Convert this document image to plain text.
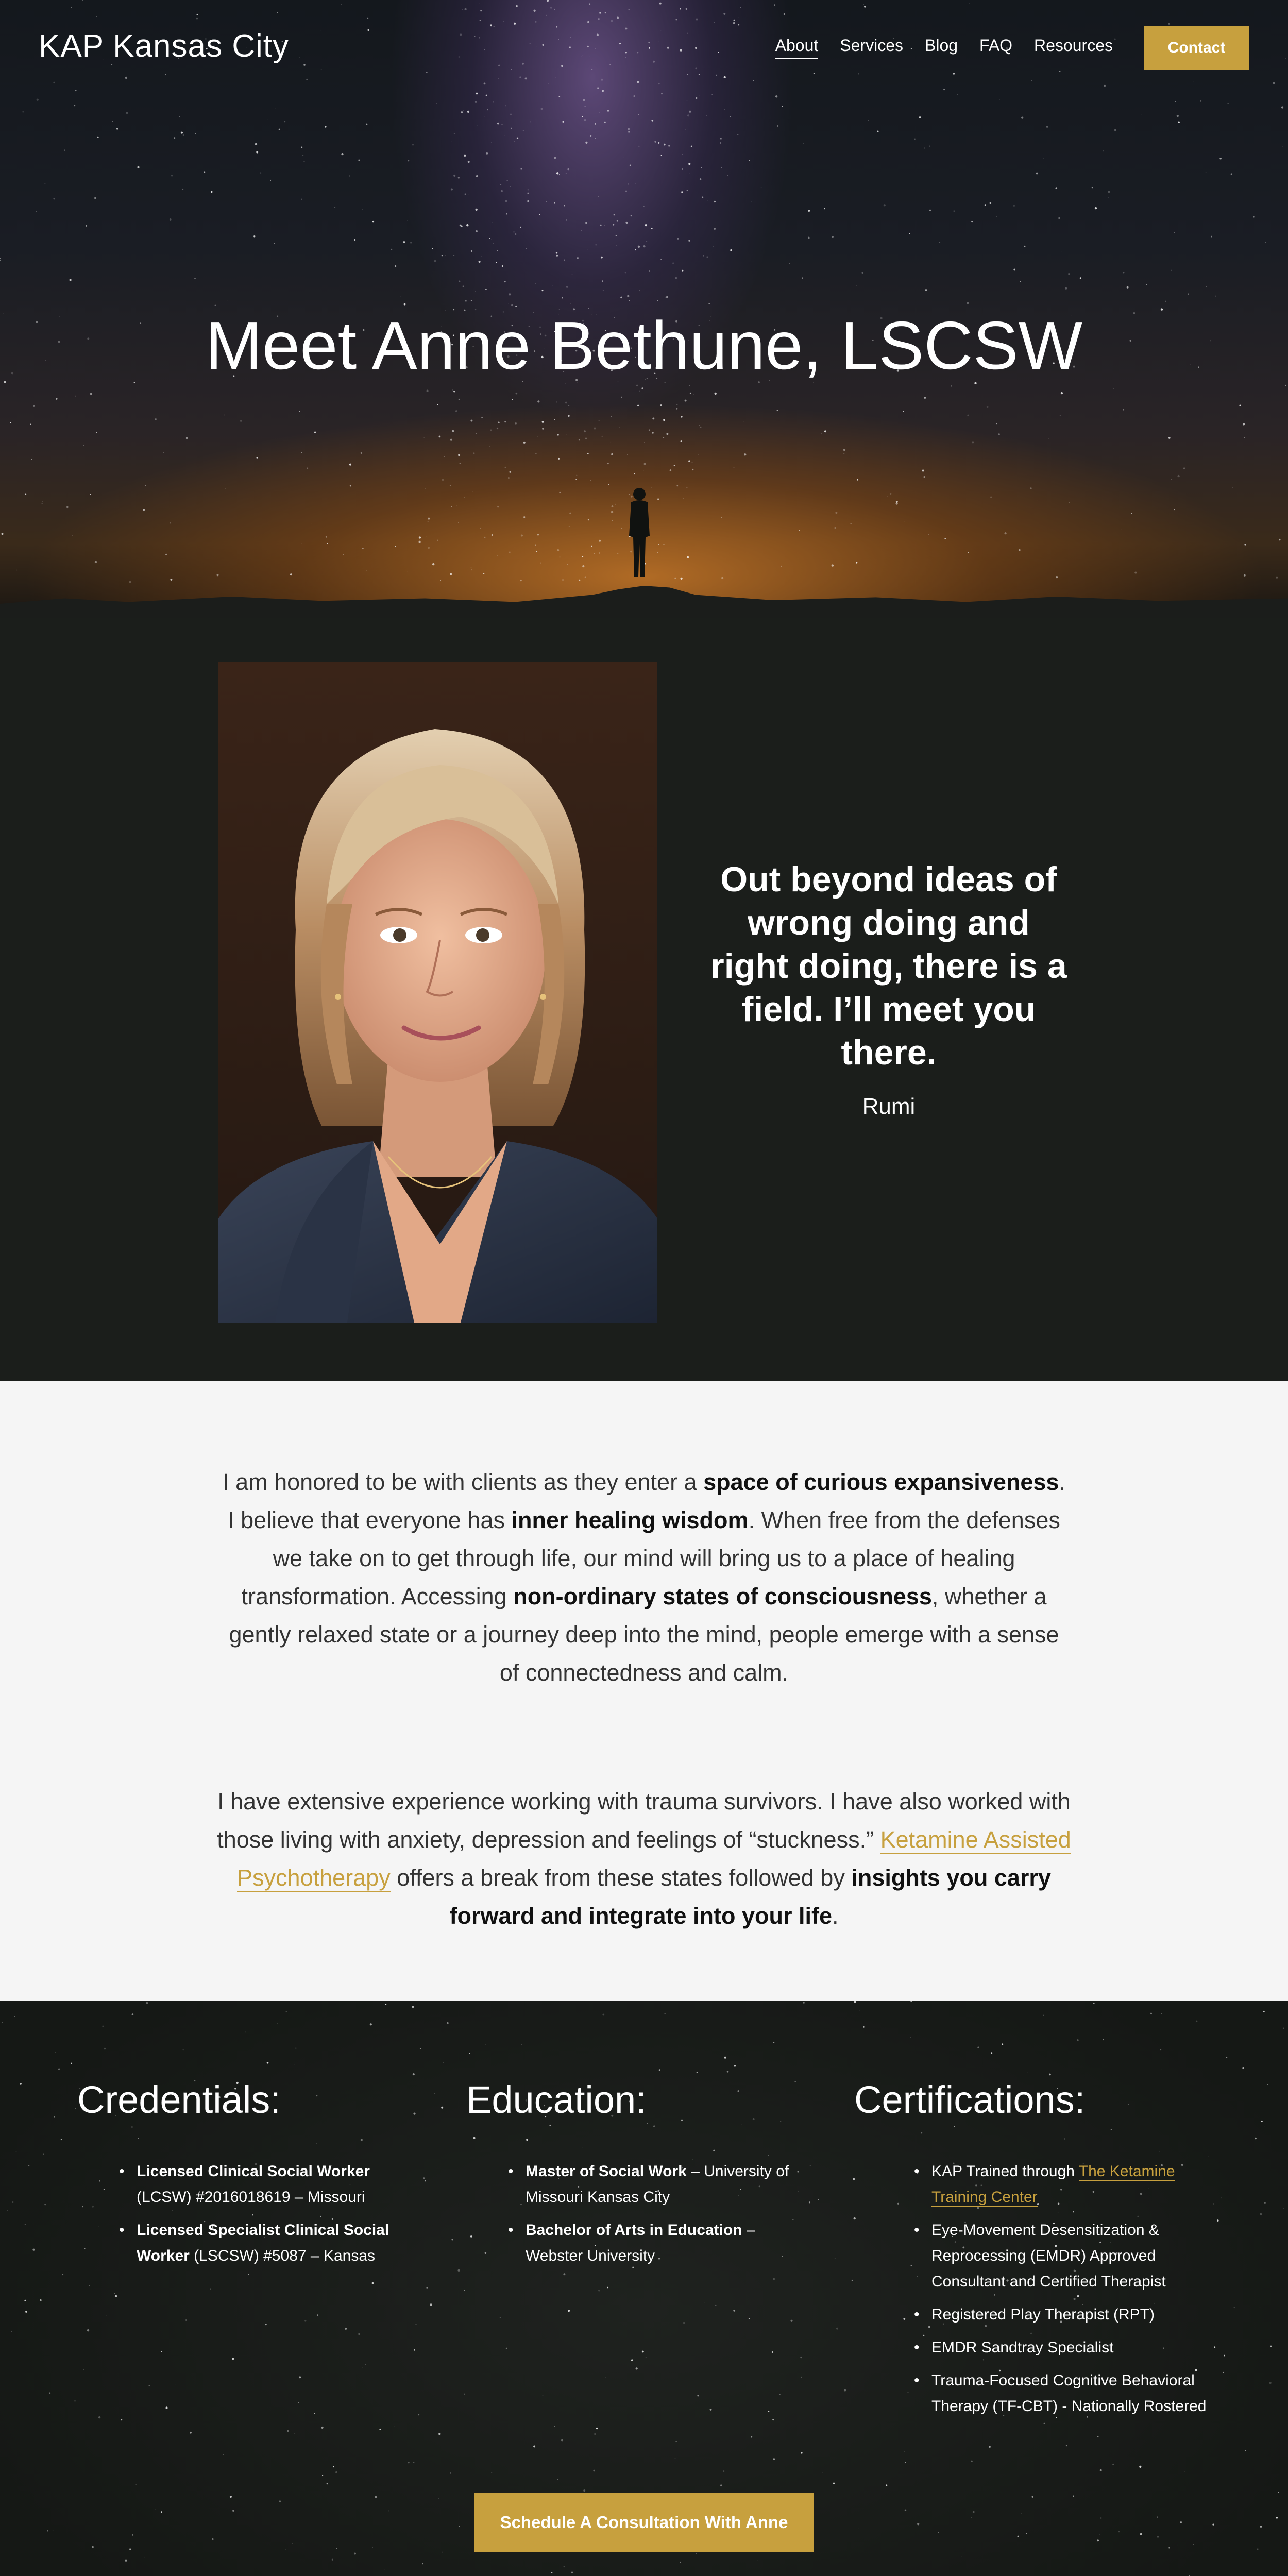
KAP Kansas City	About Services Blog FAQ Resources	Contact
Meet Anne Bethune, LSCSW
Out beyond ideas of wrong doing and right doing, there is a field. I’ll meet you there.
Rumi

I am honored to be with clients as they enter a space of curious expansiveness. I believe that everyone has inner healing wisdom. When free from the defenses we take on to get through life, our mind will bring us to a place of healing transformation. Accessing non-ordinary states of consciousness, whether a gently relaxed state or a journey deep into the mind, people emerge with a sense of connectedness and calm.

I have extensive experience working with trauma survivors. I have also worked with those living with anxiety, depression and feelings of “stuckness.” Ketamine Assisted Psychotherapy offers a break from these states followed by insights you carry forward and integrate into your life.

Credentials:
• Licensed Clinical Social Worker (LCSW) #2016018619 – Missouri
• Licensed Specialist Clinical Social Worker (LSCSW) #5087 – Kansas
Education:
• Master of Social Work – University of Missouri Kansas City
• Bachelor of Arts in Education – Webster University
Certifications:
• KAP Trained through The Ketamine Training Center
• Eye-Movement Desensitization & Reprocessing (EMDR) Approved Consultant and Certified Therapist
• Registered Play Therapist (RPT)
• EMDR Sandtray Specialist
• Trauma-Focused Cognitive Behavioral Therapy (TF-CBT) - Nationally Rostered
Schedule A Consultation With Anne
